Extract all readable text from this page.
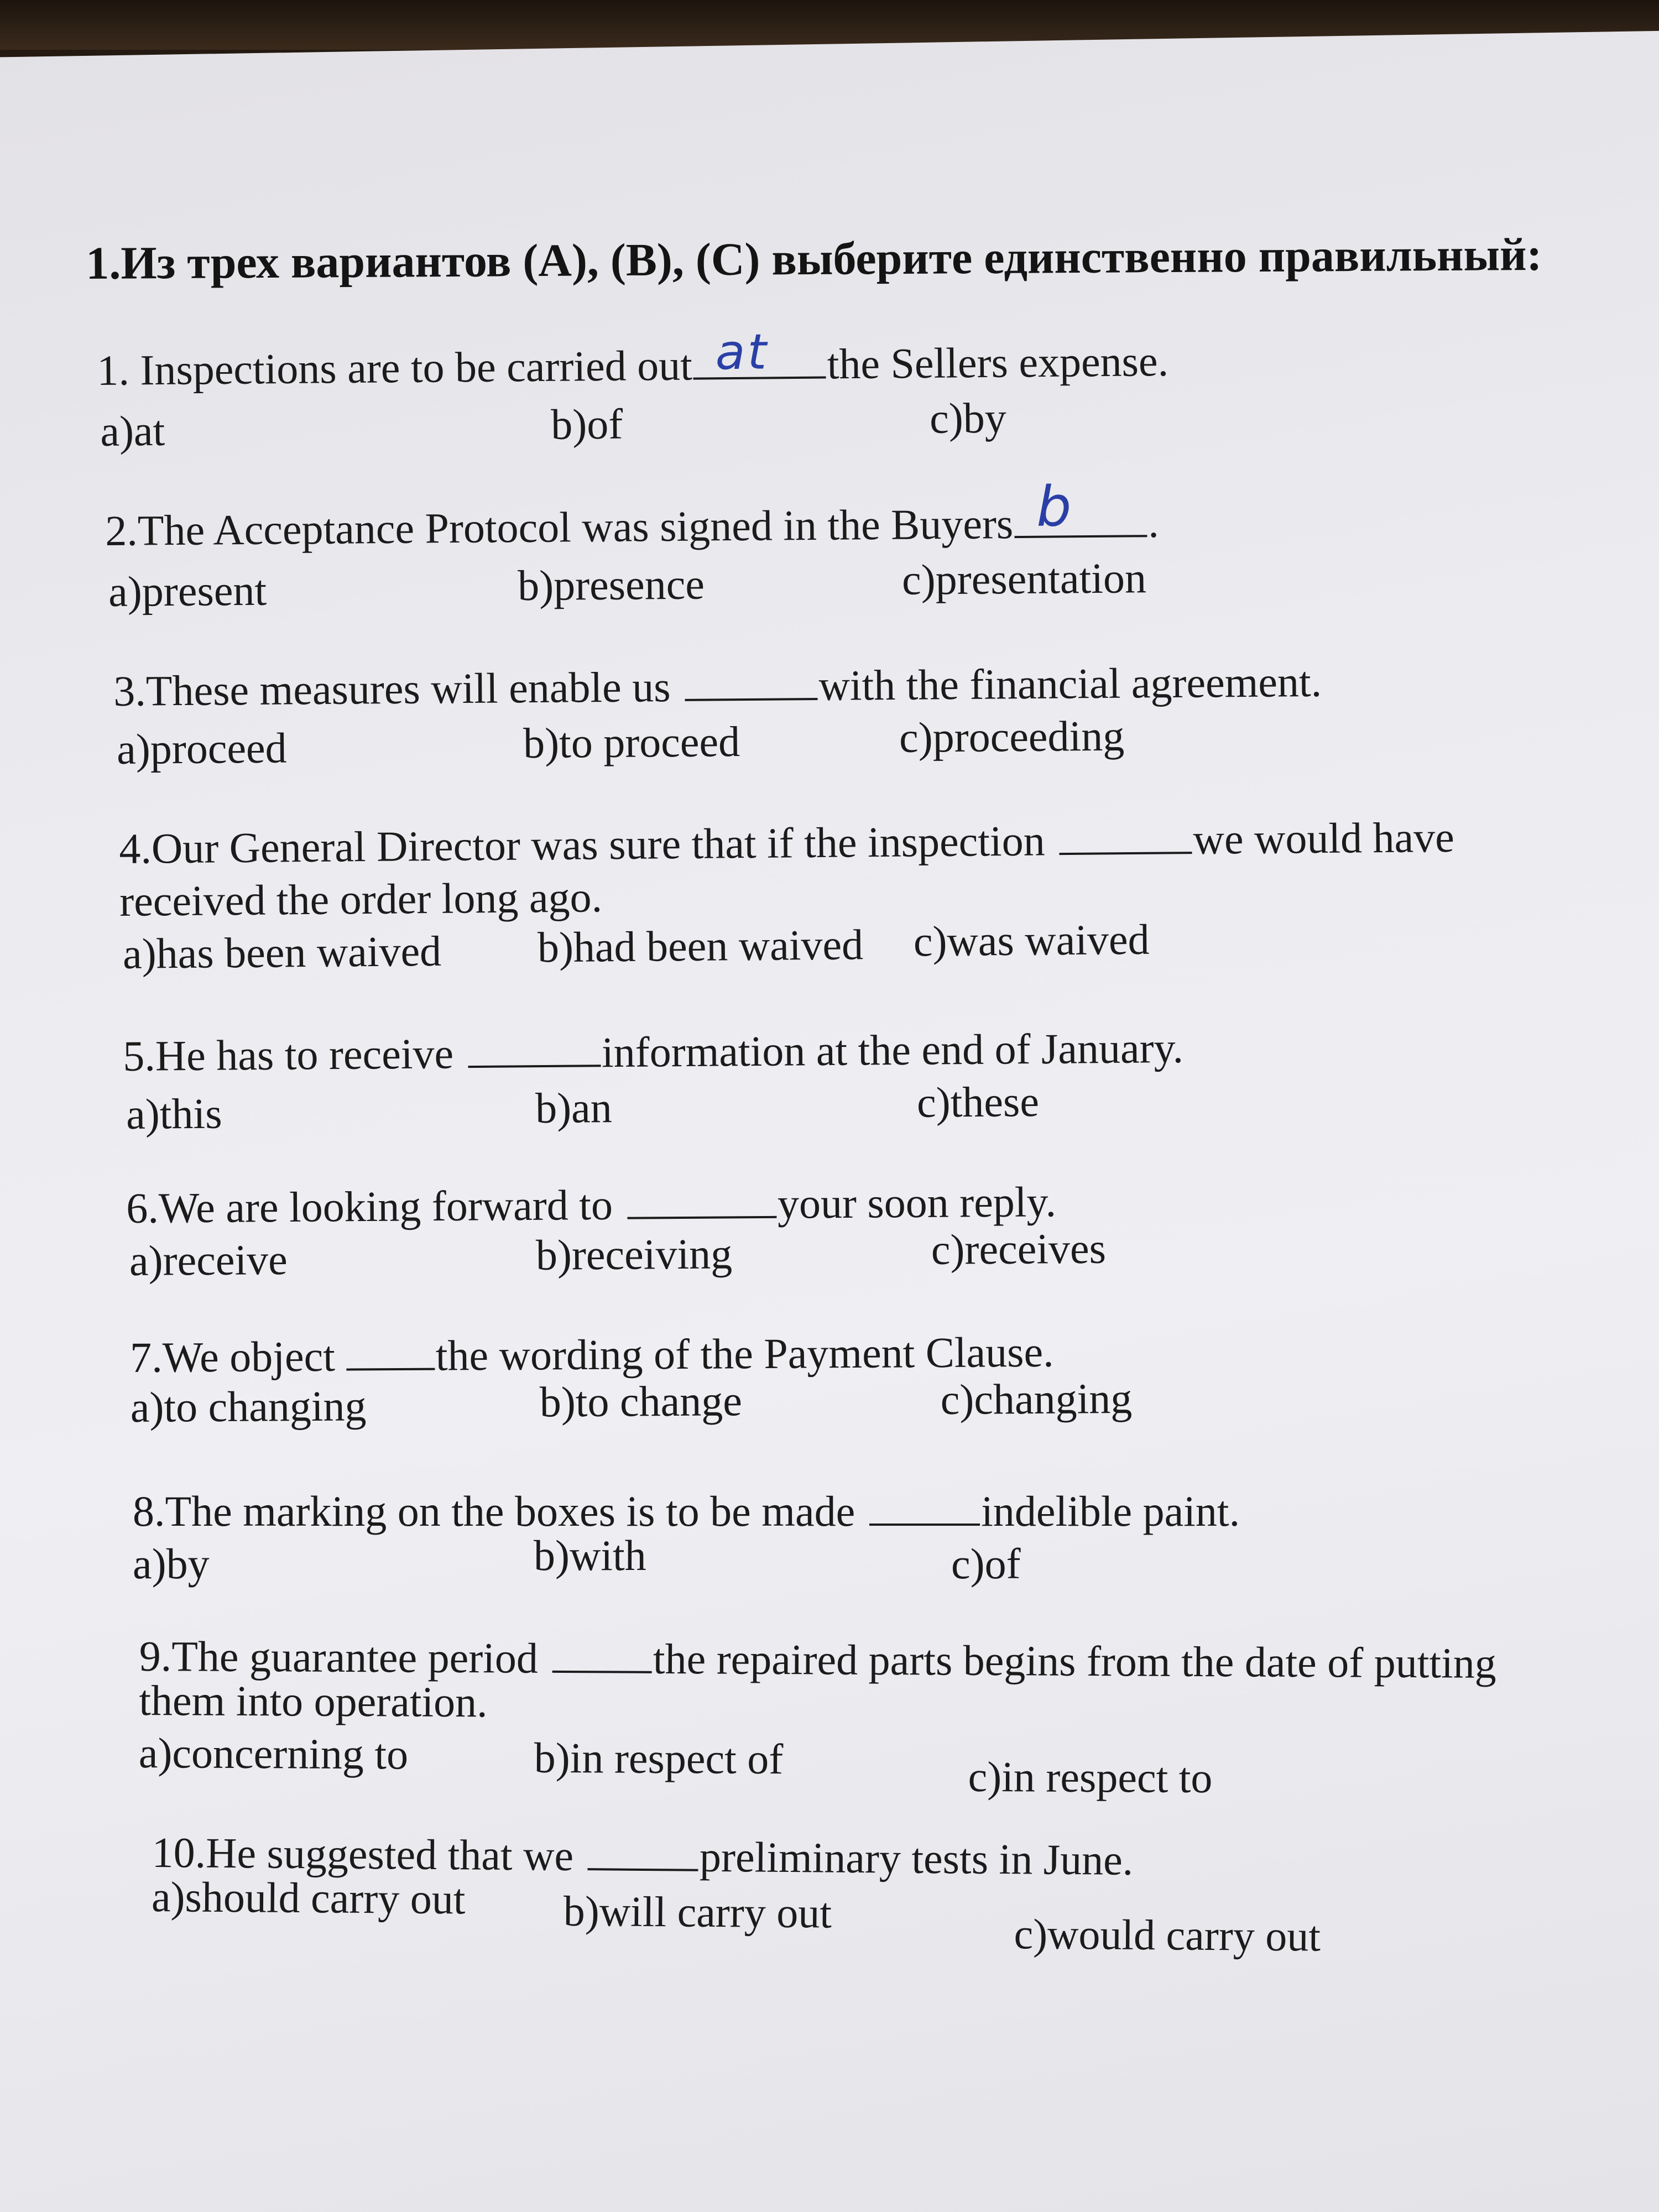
1.Из трех вариантов (A), (B), (C) выберите единственно правильный:
1. Inspections are to be carried out at the Sellers expense.
a)at	b)of	c)by
2.The Acceptance Protocol was signed in the Buyers b .
a)present	b)presence	c)presentation
3.These measures will enable us	with the financial agreement.
a)proceed	b)to proceed	c)proceeding
4.Our General Director was sure that if the inspection	we would have
received the order long ago.
a)has been waived b)had been waived c)was waived
5.He has to receive	information at the end of January.
a)this	b)an	c)these
6.We are looking forward to	your soon reply.
a)receive	b)receiving	c)receives
7.We object the wording of the Payment Clause.
a)to changing	b)to change	c)changing
8.The marking on the boxes is to be made	indelible paint.
a)by	b)with	c)of
9.The guarantee period	the repaired parts begins from the date of putting
them into operation.
a)concerning to	b)in respect of	c)in respect to
10.He suggested that we	preliminary tests in June.
a)should carry out b)will carry out	c)would carry out
